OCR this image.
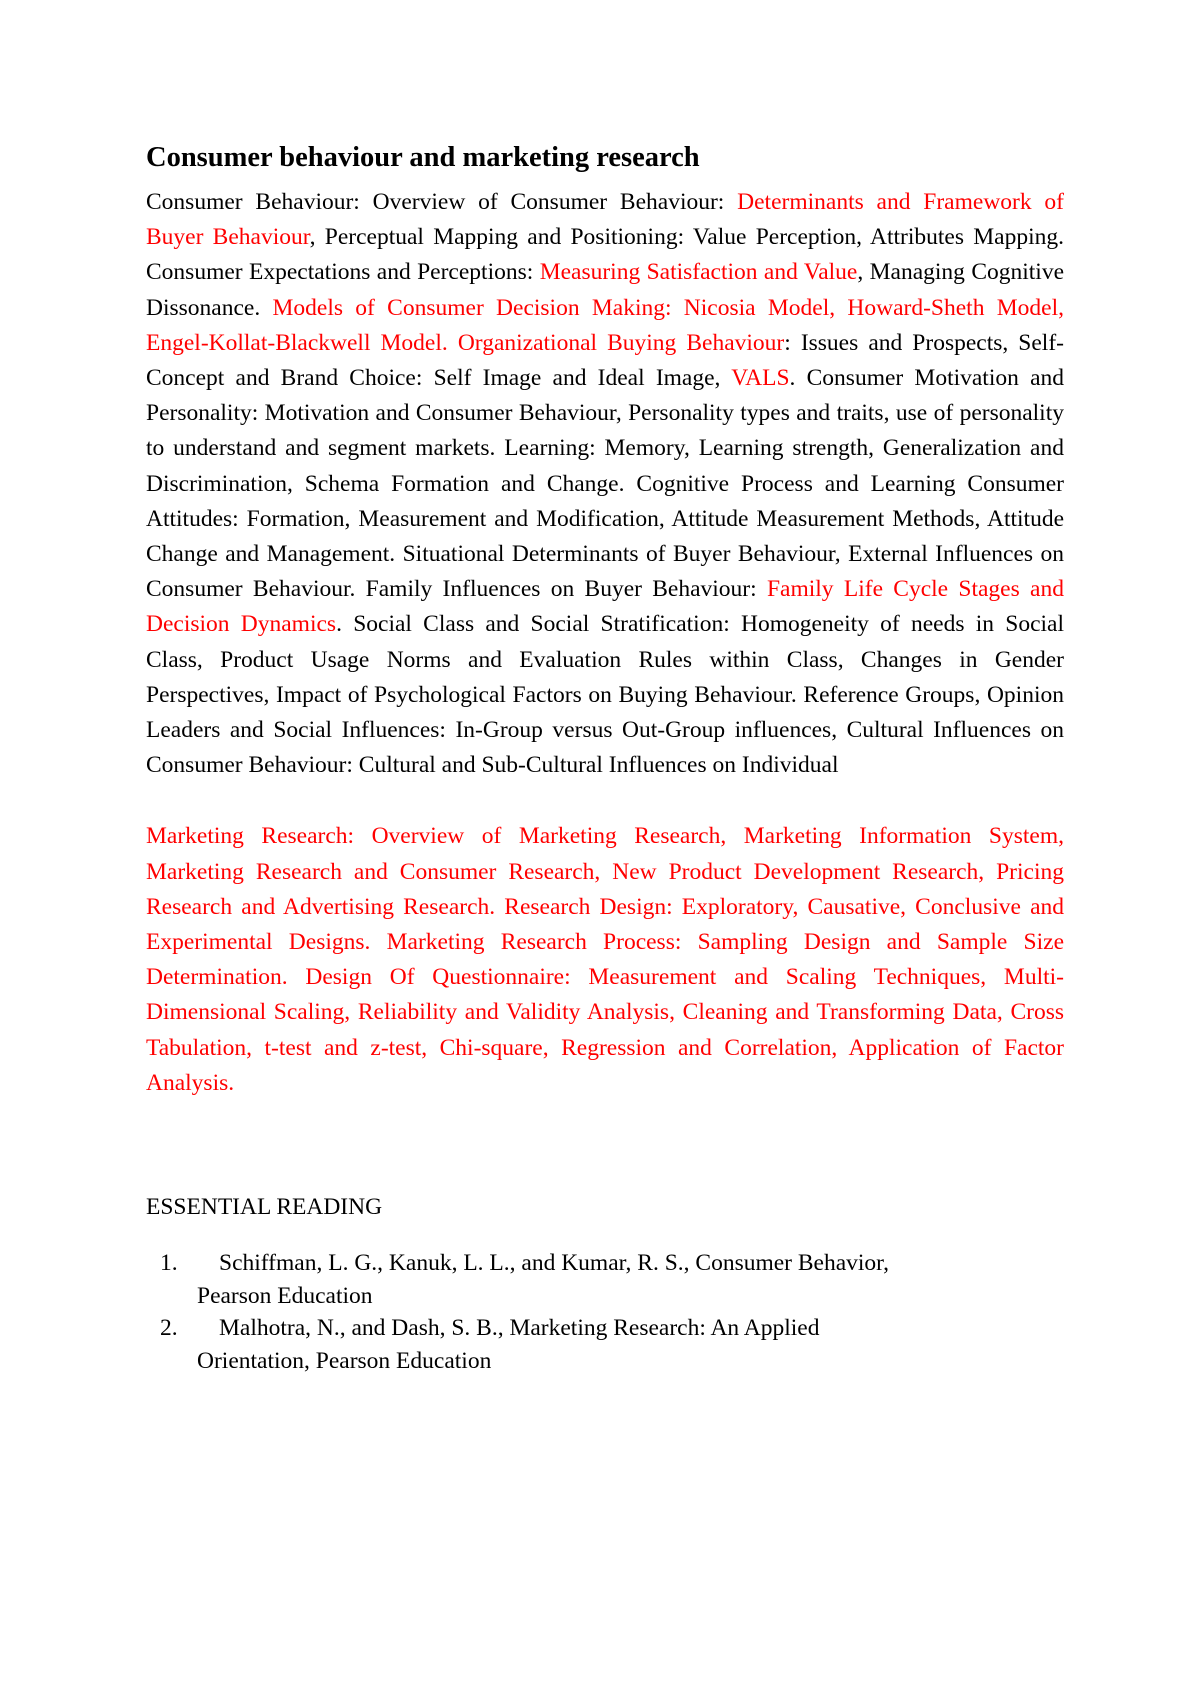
Consumer behaviour and marketing research

Consumer Behaviour: Overview of Consumer Behaviour: Determinants and Framework of Buyer Behaviour, Perceptual Mapping and Positioning: Value Perception, Attributes Mapping. Consumer Expectations and Perceptions: Measuring Satisfaction and Value, Managing Cognitive Dissonance. Models of Consumer Decision Making: Nicosia Model, Howard-Sheth Model, Engel-Kollat-Blackwell Model. Organizational Buying Behaviour: Issues and Prospects, Self-Concept and Brand Choice: Self Image and Ideal Image, VALS. Consumer Motivation and Personality: Motivation and Consumer Behaviour, Personality types and traits, use of personality to understand and segment markets. Learning: Memory, Learning strength, Generalization and Discrimination, Schema Formation and Change. Cognitive Process and Learning Consumer Attitudes: Formation, Measurement and Modification, Attitude Measurement Methods, Attitude Change and Management. Situational Determinants of Buyer Behaviour, External Influences on Consumer Behaviour. Family Influences on Buyer Behaviour: Family Life Cycle Stages and Decision Dynamics. Social Class and Social Stratification: Homogeneity of needs in Social Class, Product Usage Norms and Evaluation Rules within Class, Changes in Gender Perspectives, Impact of Psychological Factors on Buying Behaviour. Reference Groups, Opinion Leaders and Social Influences: In-Group versus Out-Group influences, Cultural Influences on Consumer Behaviour: Cultural and Sub-Cultural Influences on Individual

Marketing Research: Overview of Marketing Research, Marketing Information System, Marketing Research and Consumer Research, New Product Development Research, Pricing Research and Advertising Research. Research Design: Exploratory, Causative, Conclusive and Experimental Designs. Marketing Research Process: Sampling Design and Sample Size Determination. Design Of Questionnaire: Measurement and Scaling Techniques, Multi-Dimensional Scaling, Reliability and Validity Analysis, Cleaning and Transforming Data, Cross Tabulation, t-test and z-test, Chi-square, Regression and Correlation, Application of Factor Analysis.

ESSENTIAL READING
1.	Schiffman, L. G., Kanuk, L. L., and Kumar, R. S., Consumer Behavior,
Pearson Education
2.	Malhotra, N., and Dash, S. B., Marketing Research: An Applied
Orientation, Pearson Education
